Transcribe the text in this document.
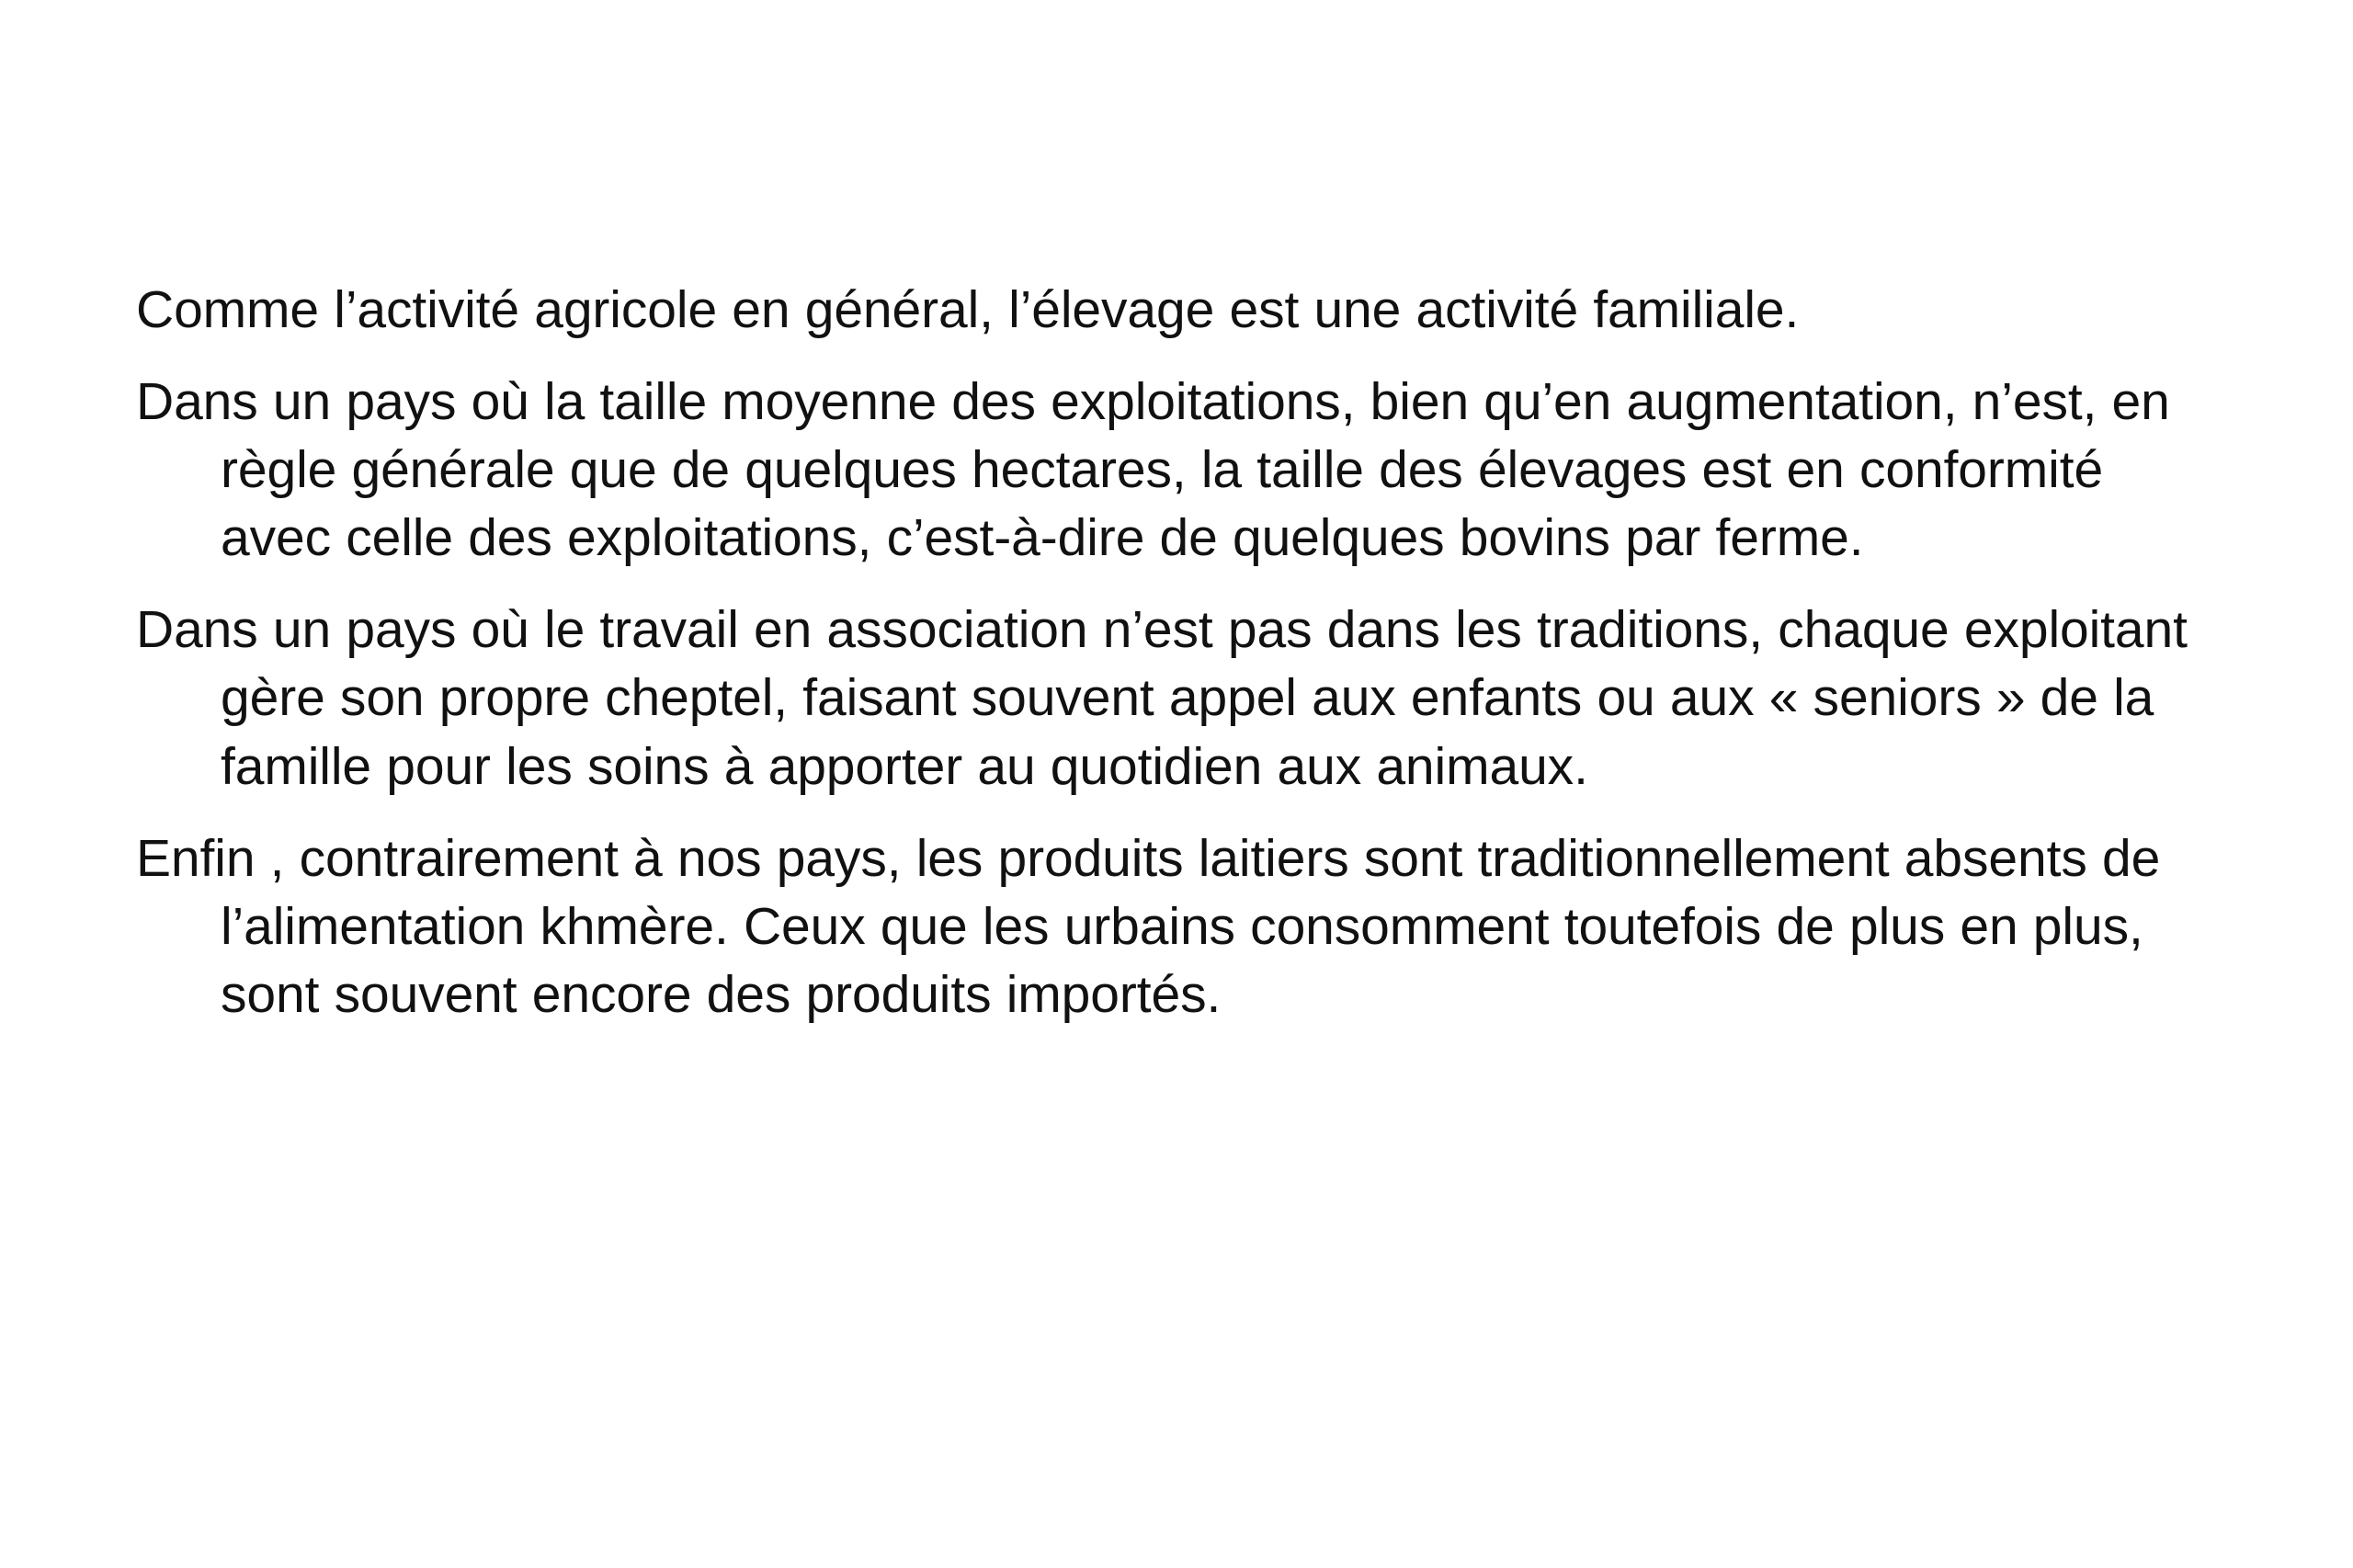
Comme l’activité agricole en général, l’élevage est une activité familiale.

Dans un pays où la taille moyenne des exploitations, bien qu’en augmentation, n’est, en règle générale que de quelques hectares, la taille des élevages est en conformité avec celle des exploitations, c’est-à-dire de quelques bovins par ferme.

Dans un pays où le travail en association n’est pas dans les traditions, chaque exploitant gère son propre cheptel, faisant souvent appel aux enfants ou aux « seniors » de la famille pour les soins à apporter au quotidien aux animaux.

Enfin , contrairement à nos pays, les produits laitiers sont traditionnellement absents de l’alimentation khmère. Ceux que les urbains consomment toutefois de plus en plus, sont souvent encore des produits importés.
